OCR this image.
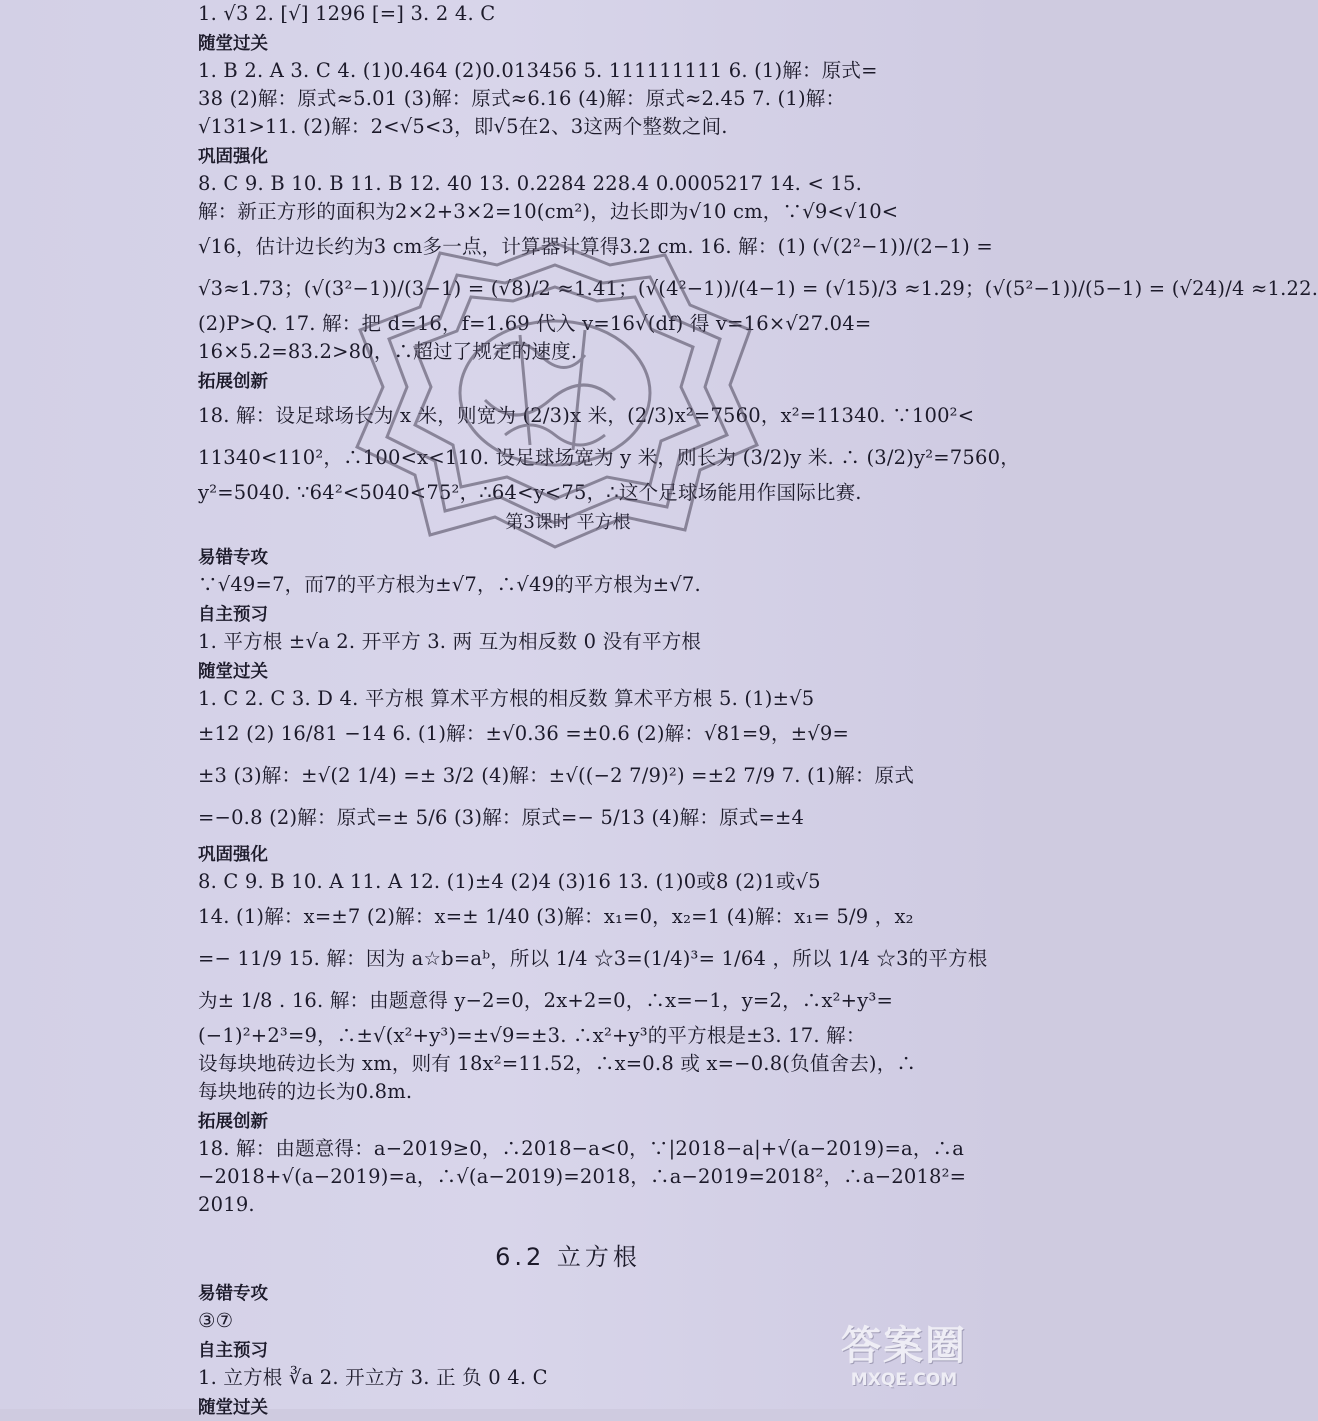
1. √3 2. [√] 1296 [=] 3. 2 4. C
随堂过关
1. B 2. A 3. C 4. (1)0.464 (2)0.013456 5. 111111111 6. (1)解：原式=
38 (2)解：原式≈5.01 (3)解：原式≈6.16 (4)解：原式≈2.45 7. (1)解：
√131>11. (2)解：2<√5<3，即√5在2、3这两个整数之间.
巩固强化
8. C 9. B 10. B 11. B 12. 40 13. 0.2284 228.4 0.0005217 14. < 15.
解：新正方形的面积为2×2+3×2=10(cm²)，边长即为√10 cm，∵√9<√10<
√16，估计边长约为3 cm多一点，计算器计算得3.2 cm. 16. 解：(1) (√(2²−1))/(2−1) =
√3≈1.73；(√(3²−1))/(3−1) = (√8)/2 ≈1.41；(√(4²−1))/(4−1) = (√15)/3 ≈1.29；(√(5²−1))/(5−1) = (√24)/4 ≈1.22.
(2)P>Q. 17. 解：把 d=16，f=1.69 代入 v=16√(df) 得 v=16×√27.04=
16×5.2=83.2>80，∴超过了规定的速度.
拓展创新
18. 解：设足球场长为 x 米，则宽为 (2/3)x 米，(2/3)x²=7560，x²=11340. ∵100²<
11340<110²，∴100<x<110. 设足球场宽为 y 米，则长为 (3/2)y 米. ∴ (3/2)y²=7560，
y²=5040. ∵64²<5040<75²，∴64<y<75，∴这个足球场能用作国际比赛.
第3课时 平方根
易错专攻
∵√49=7，而7的平方根为±√7，∴√49的平方根为±√7.
自主预习
1. 平方根 ±√a 2. 开平方 3. 两 互为相反数 0 没有平方根
随堂过关
1. C 2. C 3. D 4. 平方根 算术平方根的相反数 算术平方根 5. (1)±√5
±12 (2) 16/81 −14 6. (1)解：±√0.36 =±0.6 (2)解：√81=9，±√9=
±3 (3)解：±√(2 1/4) =± 3/2 (4)解：±√((−2 7/9)²) =±2 7/9 7. (1)解：原式
=−0.8 (2)解：原式=± 5/6 (3)解：原式=− 5/13 (4)解：原式=±4
巩固强化
8. C 9. B 10. A 11. A 12. (1)±4 (2)4 (3)16 13. (1)0或8 (2)1或√5
14. (1)解：x=±7 (2)解：x=± 1/40 (3)解：x₁=0，x₂=1 (4)解：x₁= 5/9 ，x₂
=− 11/9 15. 解：因为 a☆b=aᵇ，所以 1/4 ☆3=(1/4)³= 1/64 ，所以 1/4 ☆3的平方根
为± 1/8 . 16. 解：由题意得 y−2=0，2x+2=0，∴x=−1，y=2，∴x²+y³=
(−1)²+2³=9，∴±√(x²+y³)=±√9=±3. ∴x²+y³的平方根是±3. 17. 解：
设每块地砖边长为 xm，则有 18x²=11.52，∴x=0.8 或 x=−0.8(负值舍去)，∴
每块地砖的边长为0.8m.
拓展创新
18. 解：由题意得：a−2019≥0，∴2018−a<0，∵|2018−a|+√(a−2019)=a，∴a
−2018+√(a−2019)=a，∴√(a−2019)=2018，∴a−2019=2018²，∴a−2018²=
2019.
6.2 立方根
易错专攻
③⑦
自主预习
1. 立方根 ∛a 2. 开立方 3. 正 负 0 4. C
随堂过关
答案圈
MXQE.COM
